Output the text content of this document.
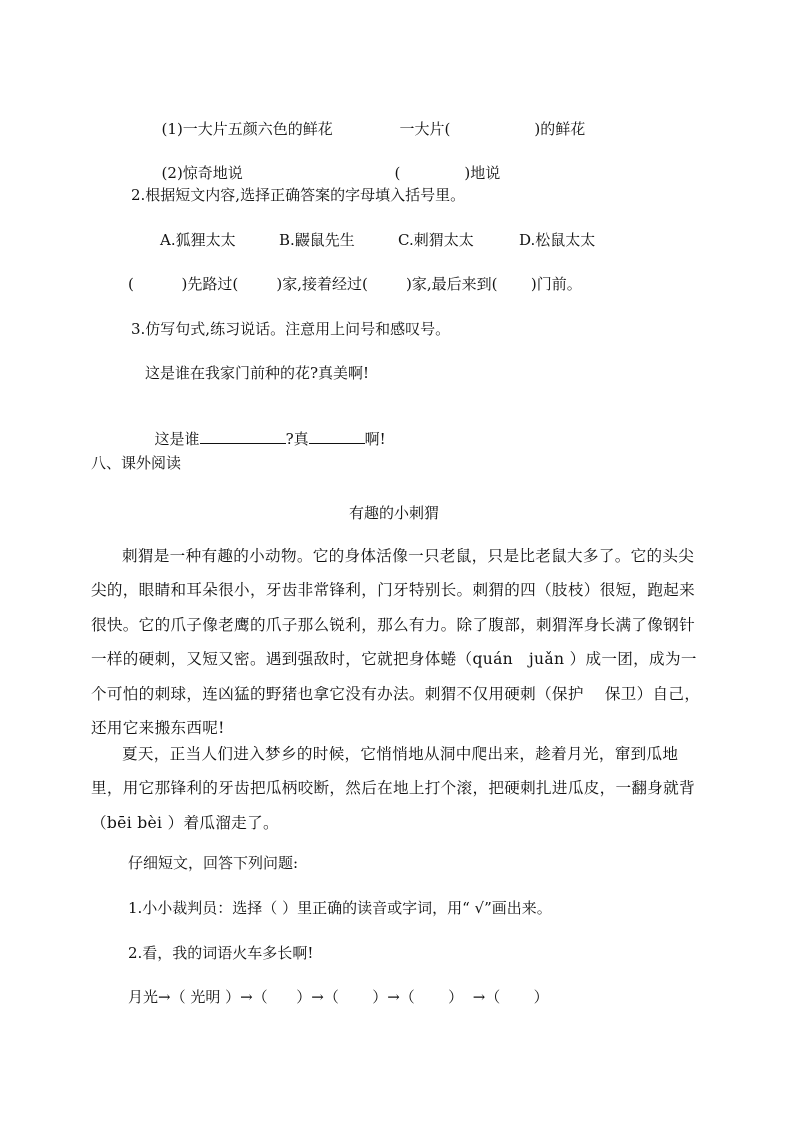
(1)一大片五颜六色的鲜花	一大片(	)的鲜花

(2)惊奇地说	(	)地说

2.根据短文内容,选择正确答案的字母填入括号里。
A.狐狸太太	B.鼹鼠先生	C.刺猬太太	D.松鼠太太
(          )先路过(        )家,接着经过(        )家,最后来到(       )门前。
3.仿写句式,练习说话。注意用上问号和感叹号。
这是谁在我家门前种的花?真美啊!

这是谁	?真	啊!

八、课外阅读
有趣的小刺猬
刺猬是一种有趣的小动物。它的身体活像一只老鼠，只是比老鼠大多了。它的头尖尖的，眼睛和耳朵很小，牙齿非常锋利，门牙特别长。刺猬的四（肢枝）很短，跑起来很快。它的爪子像老鹰的爪子那么锐利，那么有力。除了腹部，刺猬浑身长满了像钢针一样的硬刺，又短又密。遇到强敌时，它就把身体蜷（quán　juǎn ）成一团，成为一个可怕的刺球，连凶猛的野猪也拿它没有办法。刺猬不仅用硬刺（保护　 保卫）自己，还用它来搬东西呢!
夏天，正当人们进入梦乡的时候，它悄悄地从洞中爬出来，趁着月光，窜到瓜地里，用它那锋利的牙齿把瓜柄咬断，然后在地上打个滚，把硬刺扎进瓜皮，一翻身就背（bēi bèi ）着瓜溜走了。
仔细短文，回答下列问题:
1.小小裁判员：选择（ ）里正确的读音或字词，用“ √”画出来。
2.看，我的词语火车多长啊!
月光→（ 光明 ）→（      ）→（       ）→（       ）  →（       ）
